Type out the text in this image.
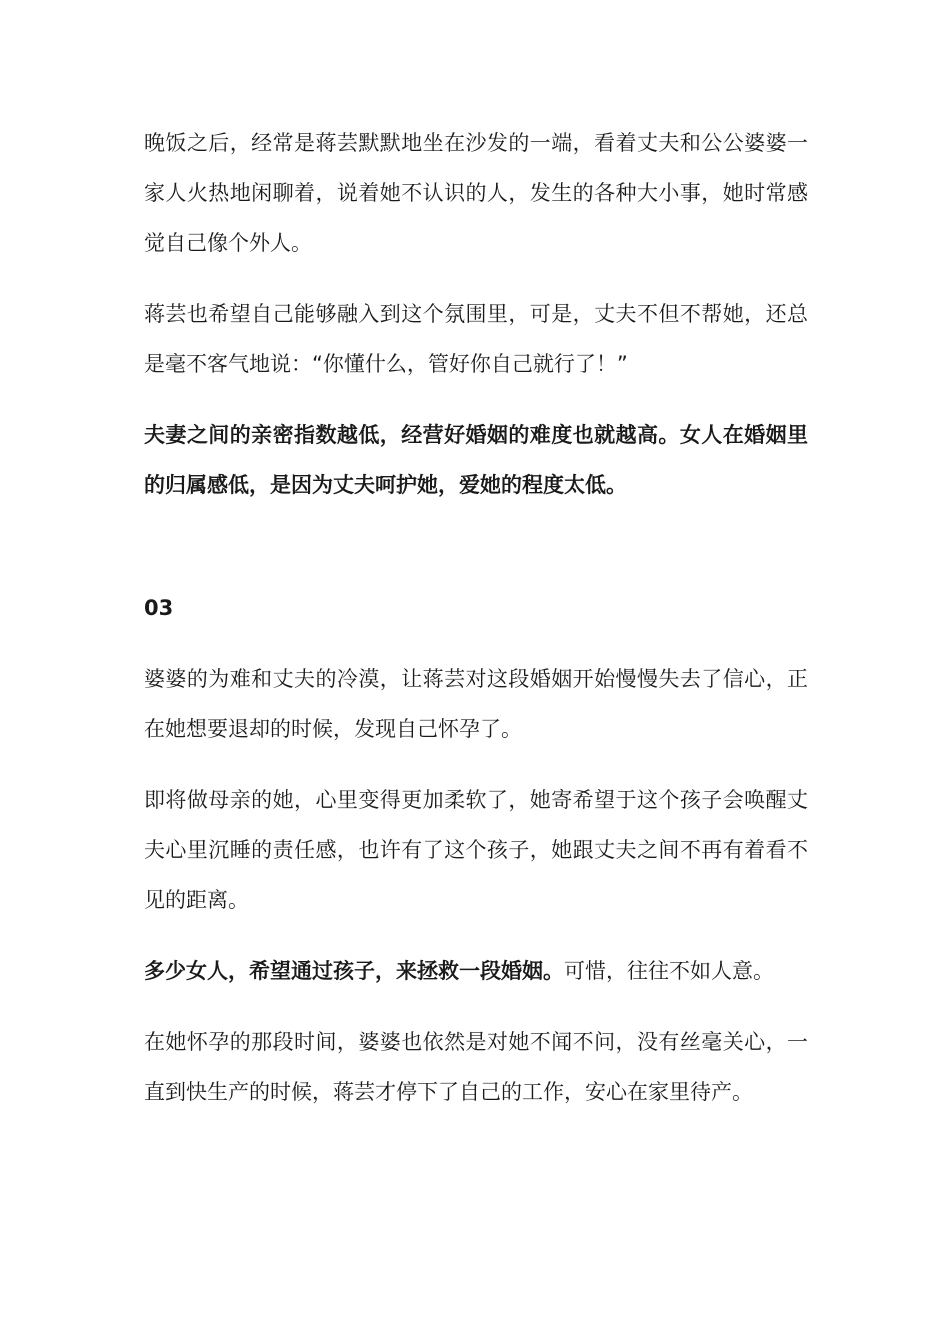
晚饭之后，经常是蒋芸默默地坐在沙发的一端，看着丈夫和公公婆婆一家人火热地闲聊着，说着她不认识的人，发生的各种大小事，她时常感觉自己像个外人。

蒋芸也希望自己能够融入到这个氛围里，可是，丈夫不但不帮她，还总是毫不客气地说：“你懂什么，管好你自己就行了！”

夫妻之间的亲密指数越低，经营好婚姻的难度也就越高。女人在婚姻里的归属感低，是因为丈夫呵护她，爱她的程度太低。

03

婆婆的为难和丈夫的冷漠，让蒋芸对这段婚姻开始慢慢失去了信心，正在她想要退却的时候，发现自己怀孕了。

即将做母亲的她，心里变得更加柔软了，她寄希望于这个孩子会唤醒丈夫心里沉睡的责任感，也许有了这个孩子，她跟丈夫之间不再有着看不见的距离。

多少女人，希望通过孩子，来拯救一段婚姻。可惜，往往不如人意。

在她怀孕的那段时间，婆婆也依然是对她不闻不问，没有丝毫关心，一直到快生产的时候，蒋芸才停下了自己的工作，安心在家里待产。
